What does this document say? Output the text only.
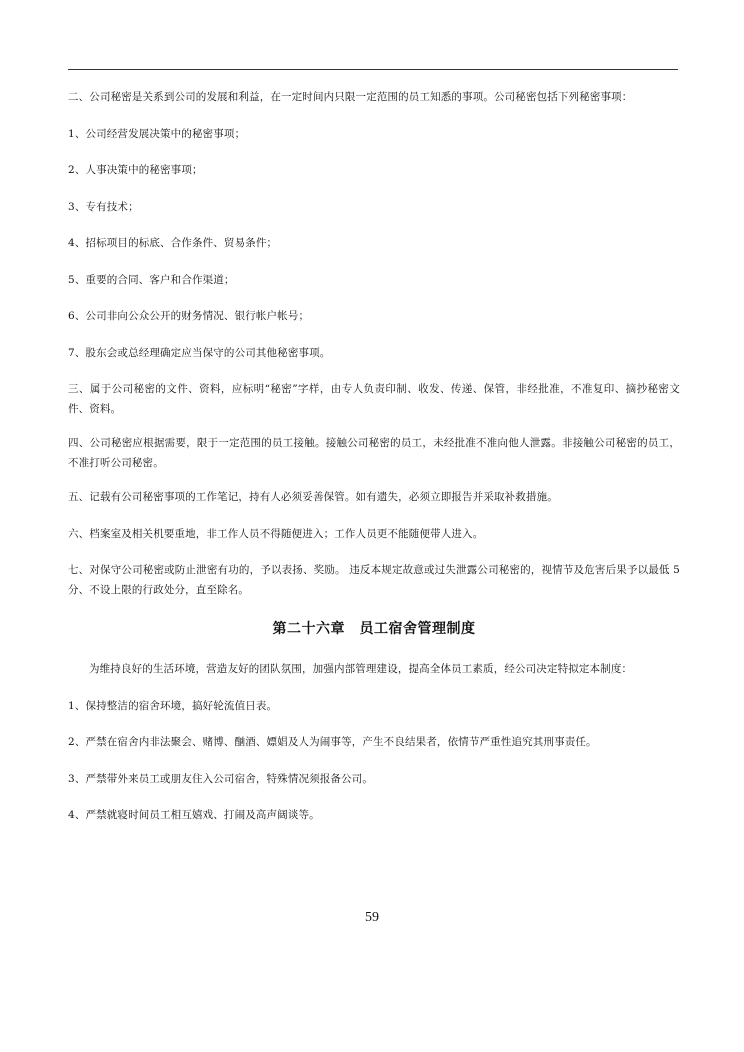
二、公司秘密是关系到公司的发展和利益，在一定时间内只限一定范围的员工知悉的事项。公司秘密包括下列秘密事项：

1、公司经营发展决策中的秘密事项；

2、人事决策中的秘密事项；

3、专有技术；

4、招标项目的标底、合作条件、贸易条件；

5、重要的合同、客户和合作渠道；

6、公司非向公众公开的财务情况、银行帐户帐号；

7、股东会或总经理确定应当保守的公司其他秘密事项。

三、属于公司秘密的文件、资料，应标明“秘密”字样，由专人负责印制、收发、传递、保管，非经批准，不准复印、摘抄秘密文件、资料。

四、公司秘密应根据需要，限于一定范围的员工接触。接触公司秘密的员工，未经批准不准向他人泄露。非接触公司秘密的员工，不准打听公司秘密。

五、记载有公司秘密事项的工作笔记，持有人必须妥善保管。如有遗失，必须立即报告并采取补救措施。

六、档案室及相关机要重地，非工作人员不得随便进入；工作人员更不能随便带人进入。

七、对保守公司秘密或防止泄密有功的，予以表扬、奖励。 违反本规定故意或过失泄露公司秘密的，视情节及危害后果予以最低 5 分、不设上限的行政处分，直至除名。

第二十六章　员工宿舍管理制度

为维持良好的生活环境，营造友好的团队氛围，加强内部管理建设，提高全体员工素质，经公司决定特拟定本制度：

1、保持整洁的宿舍环境，搞好轮流值日表。

2、严禁在宿舍内非法聚会、赌博、酗酒、嫖娼及人为闹事等，产生不良结果者，依情节严重性追究其刑事责任。

3、严禁带外来员工或朋友住入公司宿舍，特殊情况须报备公司。

4、严禁就寝时间员工相互嬉戏、打闹及高声阔谈等。

59
